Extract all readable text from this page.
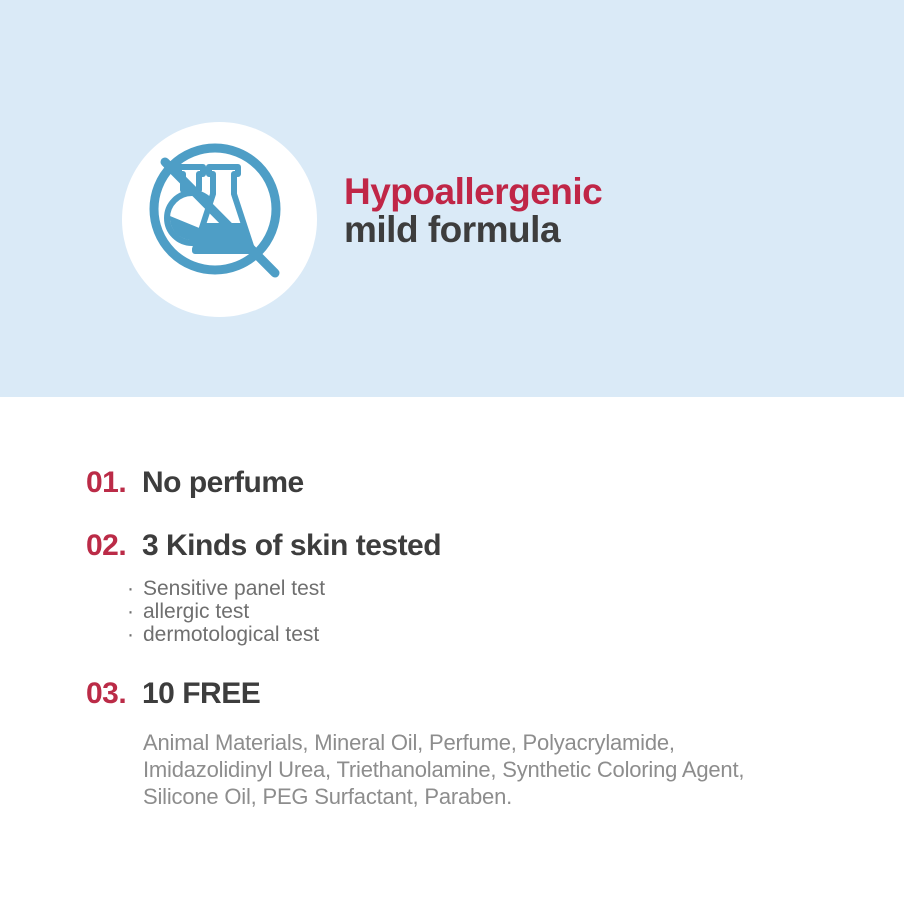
Hypoallergenic
mild formula
01. No perfume
02. 3 Kinds of skin tested
· Sensitive panel test
· allergic test
· dermotological test
03. 10 FREE
Animal Materials, Mineral Oil, Perfume, Polyacrylamide,
Imidazolidinyl Urea, Triethanolamine, Synthetic Coloring Agent,
Silicone Oil, PEG Surfactant, Paraben.
